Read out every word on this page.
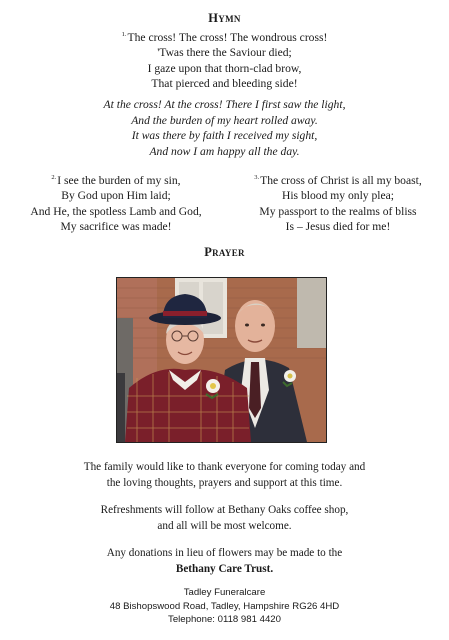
Hymn
$^{1.}$The cross! The cross! The wondrous cross!
'Twas there the Saviour died;
I gaze upon that thorn-clad brow,
That pierced and bleeding side!
At the cross! At the cross! There I first saw the light,
And the burden of my heart rolled away.
It was there by faith I received my sight,
And now I am happy all the day.
$^{2.}$I see the burden of my sin,
By God upon Him laid;
And He, the spotless Lamb and God,
My sacrifice was made!
$^{3.}$The cross of Christ is all my boast,
His blood my only plea;
My passport to the realms of bliss
Is – Jesus died for me!
Prayer
The family would like to thank everyone for coming today and
the loving thoughts, prayers and support at this time.
Refreshments will follow at Bethany Oaks coffee shop,
and all will be most welcome.
Any donations in lieu of flowers may be made to the
Bethany Care Trust.
Tadley Funeralcare
48 Bishopswood Road, Tadley, Hampshire RG26 4HD
Telephone: 0118 981 4420
